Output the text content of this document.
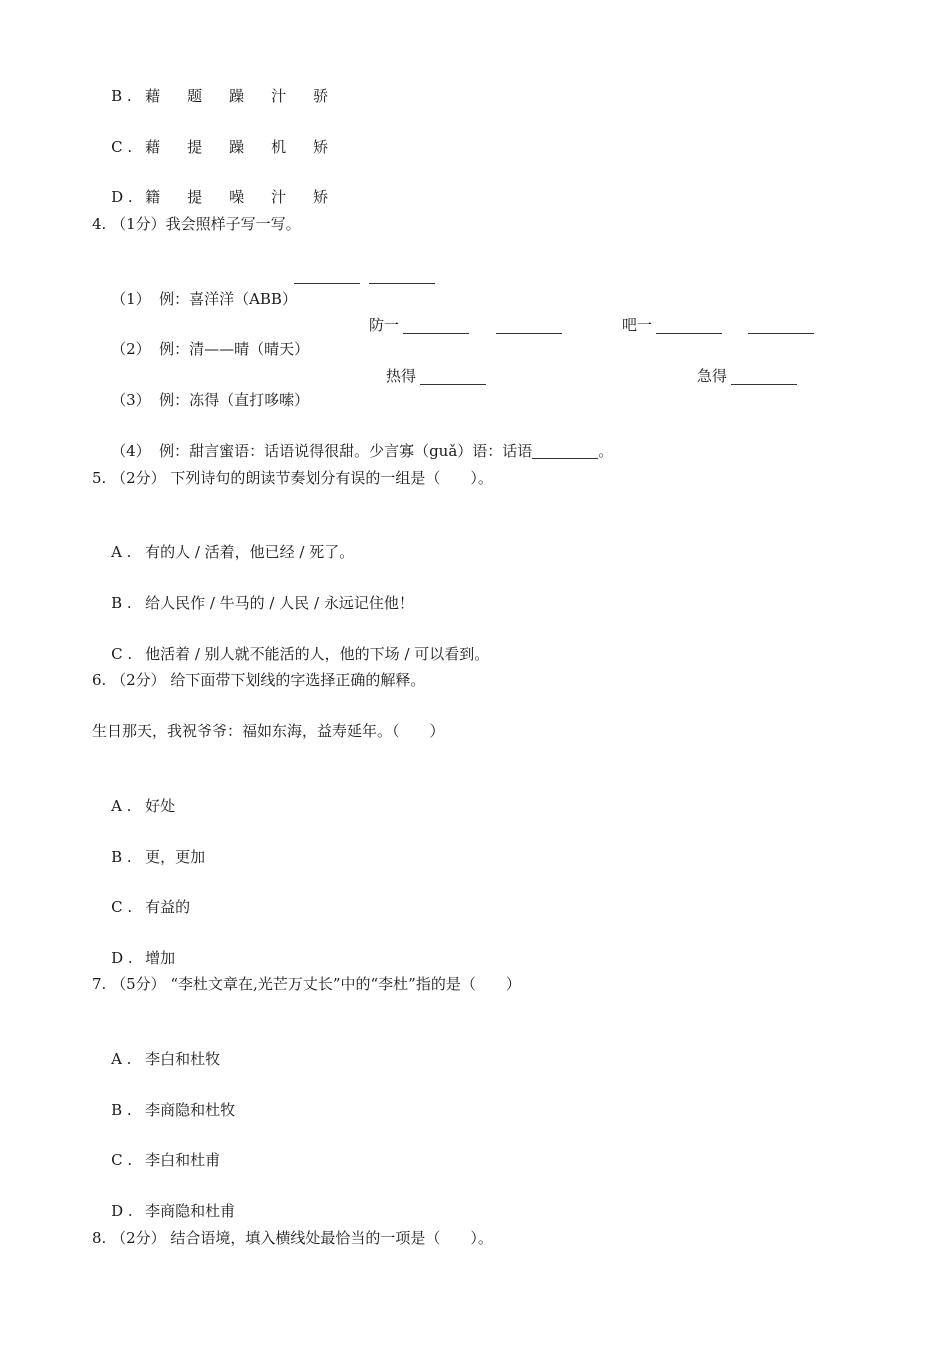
B . 藉 题 躁 汁 骄

C . 藉 提 躁 机 矫

D . 籍 提 噪 汁 矫

4. （1分）我会照样子写一写。

（1） 例：喜洋洋（ABB）

（2） 例：清——晴（晴天）

防一	吧一

（3） 例：冻得（直打哆嗦）

热得	急得

（4） 例：甜言蜜语：话语说得很甜。少言寡（guǎ）语：话语	。

5. （2分） 下列诗句的朗读节奏划分有误的一组是（　　）。

A . 有的人 / 活着，他已经 / 死了。

B . 给人民作 / 牛马的 / 人民 / 永远记住他！

C . 他活着 / 别人就不能活的人，他的下场 / 可以看到。

6. （2分） 给下面带下划线的字选择正确的解释。
生日那天，我祝爷爷：福如东海，益寿延年。（　　）

A . 好处

B . 更，更加

C . 有益的

D . 增加

7. （5分） “李杜文章在,光芒万丈长”中的“李杜”指的是（　　）

A . 李白和杜牧

B . 李商隐和杜牧

C . 李白和杜甫

D . 李商隐和杜甫

8. （2分） 结合语境，填入横线处最恰当的一项是（　　）。
